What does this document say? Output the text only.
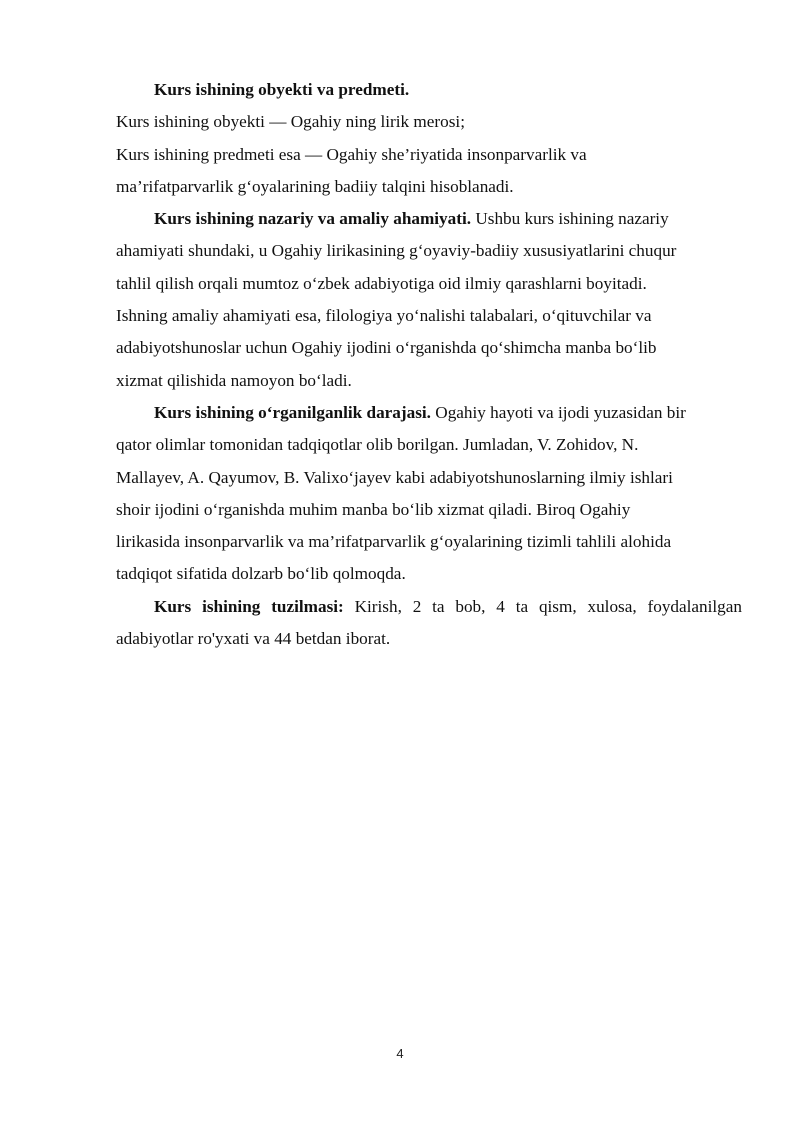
Kurs ishining obyekti va predmeti.
Kurs ishining obyekti — Ogahiy ning lirik merosi;
Kurs ishining predmeti esa — Ogahiy she’riyatida insonparvarlik va
ma’rifatparvarlik g‘oyalarining badiiy talqini hisoblanadi.
Kurs ishining nazariy va amaliy ahamiyati. Ushbu kurs ishining nazariy
ahamiyati shundaki, u Ogahiy lirikasining g‘oyaviy-badiiy xususiyatlarini chuqur
tahlil qilish orqali mumtoz o‘zbek adabiyotiga oid ilmiy qarashlarni boyitadi.
Ishning amaliy ahamiyati esa, filologiya yo‘nalishi talabalari, o‘qituvchilar va
adabiyotshunoslar uchun Ogahiy ijodini o‘rganishda qo‘shimcha manba bo‘lib
xizmat qilishida namoyon bo‘ladi.
Kurs ishining o‘rganilganlik darajasi. Ogahiy hayoti va ijodi yuzasidan bir
qator olimlar tomonidan tadqiqotlar olib borilgan. Jumladan, V. Zohidov, N.
Mallayev, A. Qayumov, B. Valixo‘jayev kabi adabiyotshunoslarning ilmiy ishlari
shoir ijodini o‘rganishda muhim manba bo‘lib xizmat qiladi. Biroq Ogahiy
lirikasida insonparvarlik va ma’rifatparvarlik g‘oyalarining tizimli tahlili alohida
tadqiqot sifatida dolzarb bo‘lib qolmoqda.
Kurs ishining tuzilmasi: Kirish, 2 ta bob, 4 ta qism, xulosa, foydalanilgan
adabiyotlar ro'yxati va 44 betdan iborat.
4
